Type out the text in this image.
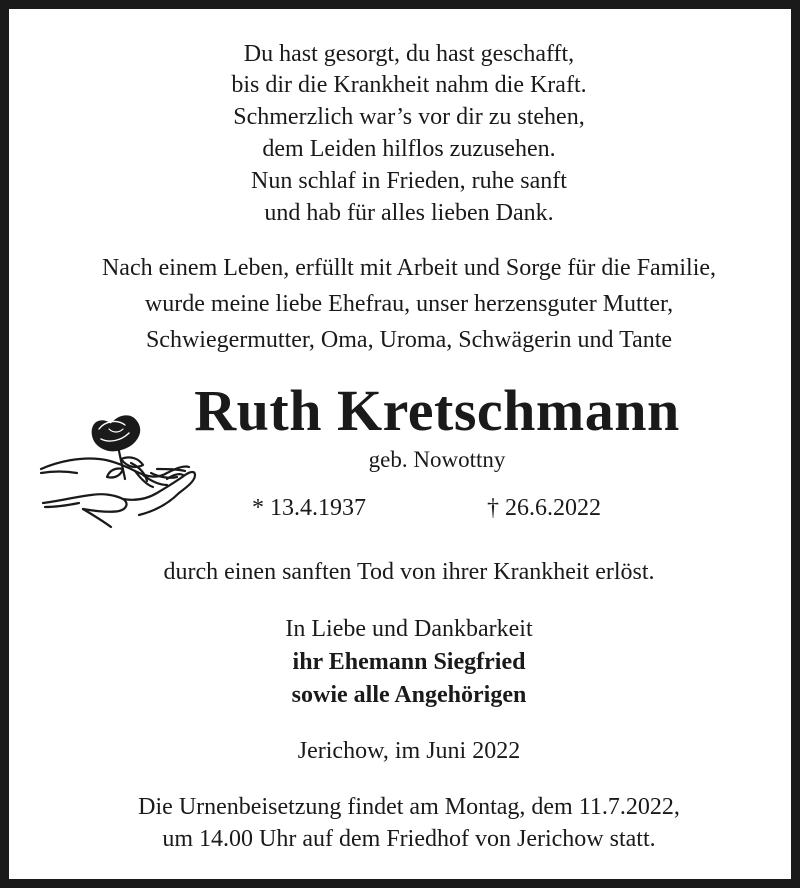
Du hast gesorgt, du hast geschafft,
bis dir die Krankheit nahm die Kraft.
Schmerzlich war’s vor dir zu stehen,
dem Leiden hilflos zuzusehen.
Nun schlaf in Frieden, ruhe sanft
und hab für alles lieben Dank.
Nach einem Leben, erfüllt mit Arbeit und Sorge für die Familie,
wurde meine liebe Ehefrau, unser herzensguter Mutter,
Schwiegermutter, Oma, Uroma, Schwägerin und Tante
Ruth Kretschmann
geb. Nowottny
* 13.4.1937	† 26.6.2022
durch einen sanften Tod von ihrer Krankheit erlöst.
In Liebe und Dankbarkeit
ihr Ehemann Siegfried
sowie alle Angehörigen
Jerichow, im Juni 2022
Die Urnenbeisetzung findet am Montag, dem 11.7.2022,
um 14.00 Uhr auf dem Friedhof von Jerichow statt.
